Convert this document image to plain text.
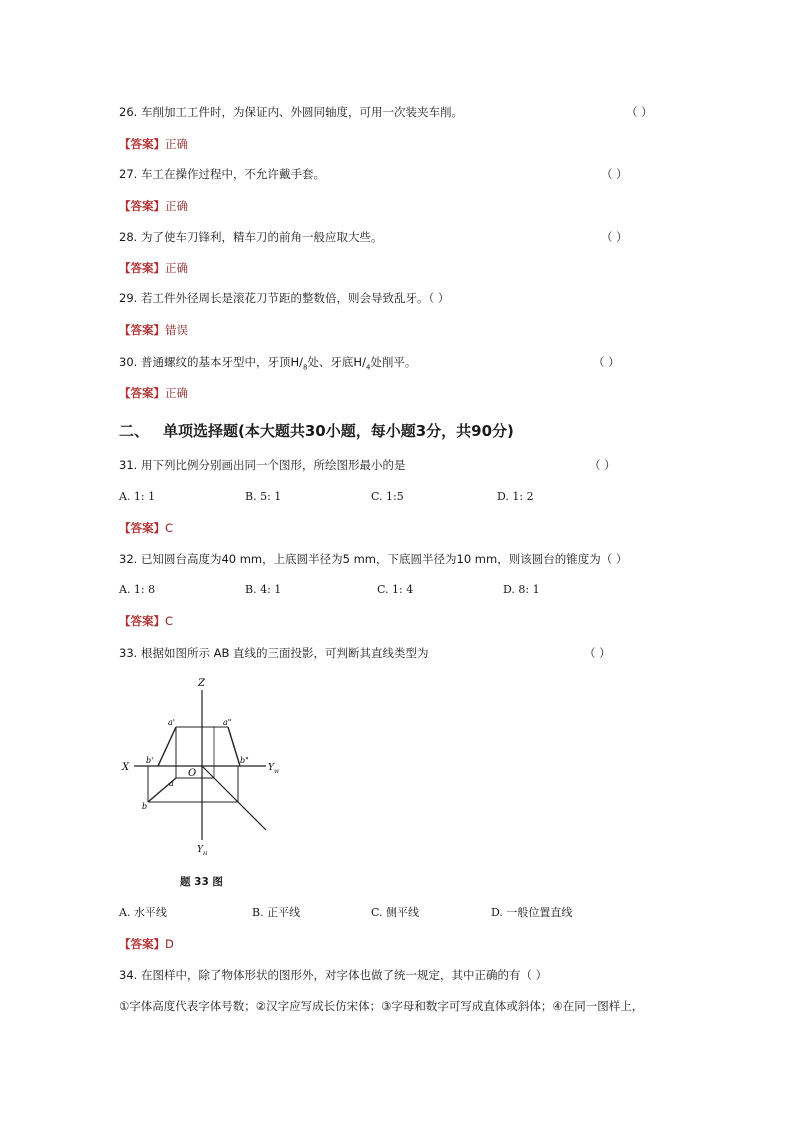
26. 车削加工工件时，为保证内、外圆同轴度，可用一次装夹车削。	（ ）
【答案】正确
27. 车工在操作过程中，不允许戴手套。	（ ）
【答案】正确
28. 为了使车刀锋利，精车刀的前角一般应取大些。	（ ）
【答案】正确
29. 若工件外径周长是滚花刀节距的整数倍，则会导致乱牙。（ ）
【答案】错误
30. 普通螺纹的基本牙型中，牙顶$H/_8$处、牙底$H/_4$处削平。	（ ）
【答案】正确
二、 单项选择题(本大题共30小题，每小题3分，共90分)
31. 用下列比例分别画出同一个图形，所绘图形最小的是	（ ）
A. 1: 1	B. 5: 1	C. 1:5	D. 1: 2
【答案】C
32. 已知圆台高度为40 mm，上底圆半径为5 mm，下底圆半径为10 mm，则该圆台的锥度为（ ）
A. 1: 8	B. 4: 1	C. 1: 4	D. 8: 1
【答案】C
33. 根据如图所示 AB 直线的三面投影，可判断其直线类型为	（ ）
Z
X	$Y_W$
$Y_H$
O
a'	a"
b'	b"
a
b
题 33 图
A. 水平线	B. 正平线	C. 侧平线	D. 一般位置直线
【答案】D
34. 在图样中，除了物体形状的图形外，对字体也做了统一规定，其中正确的有（ ）
①字体高度代表字体号数；②汉字应写成长仿宋体；③字母和数字可写成直体或斜体；④在同一图样上，
